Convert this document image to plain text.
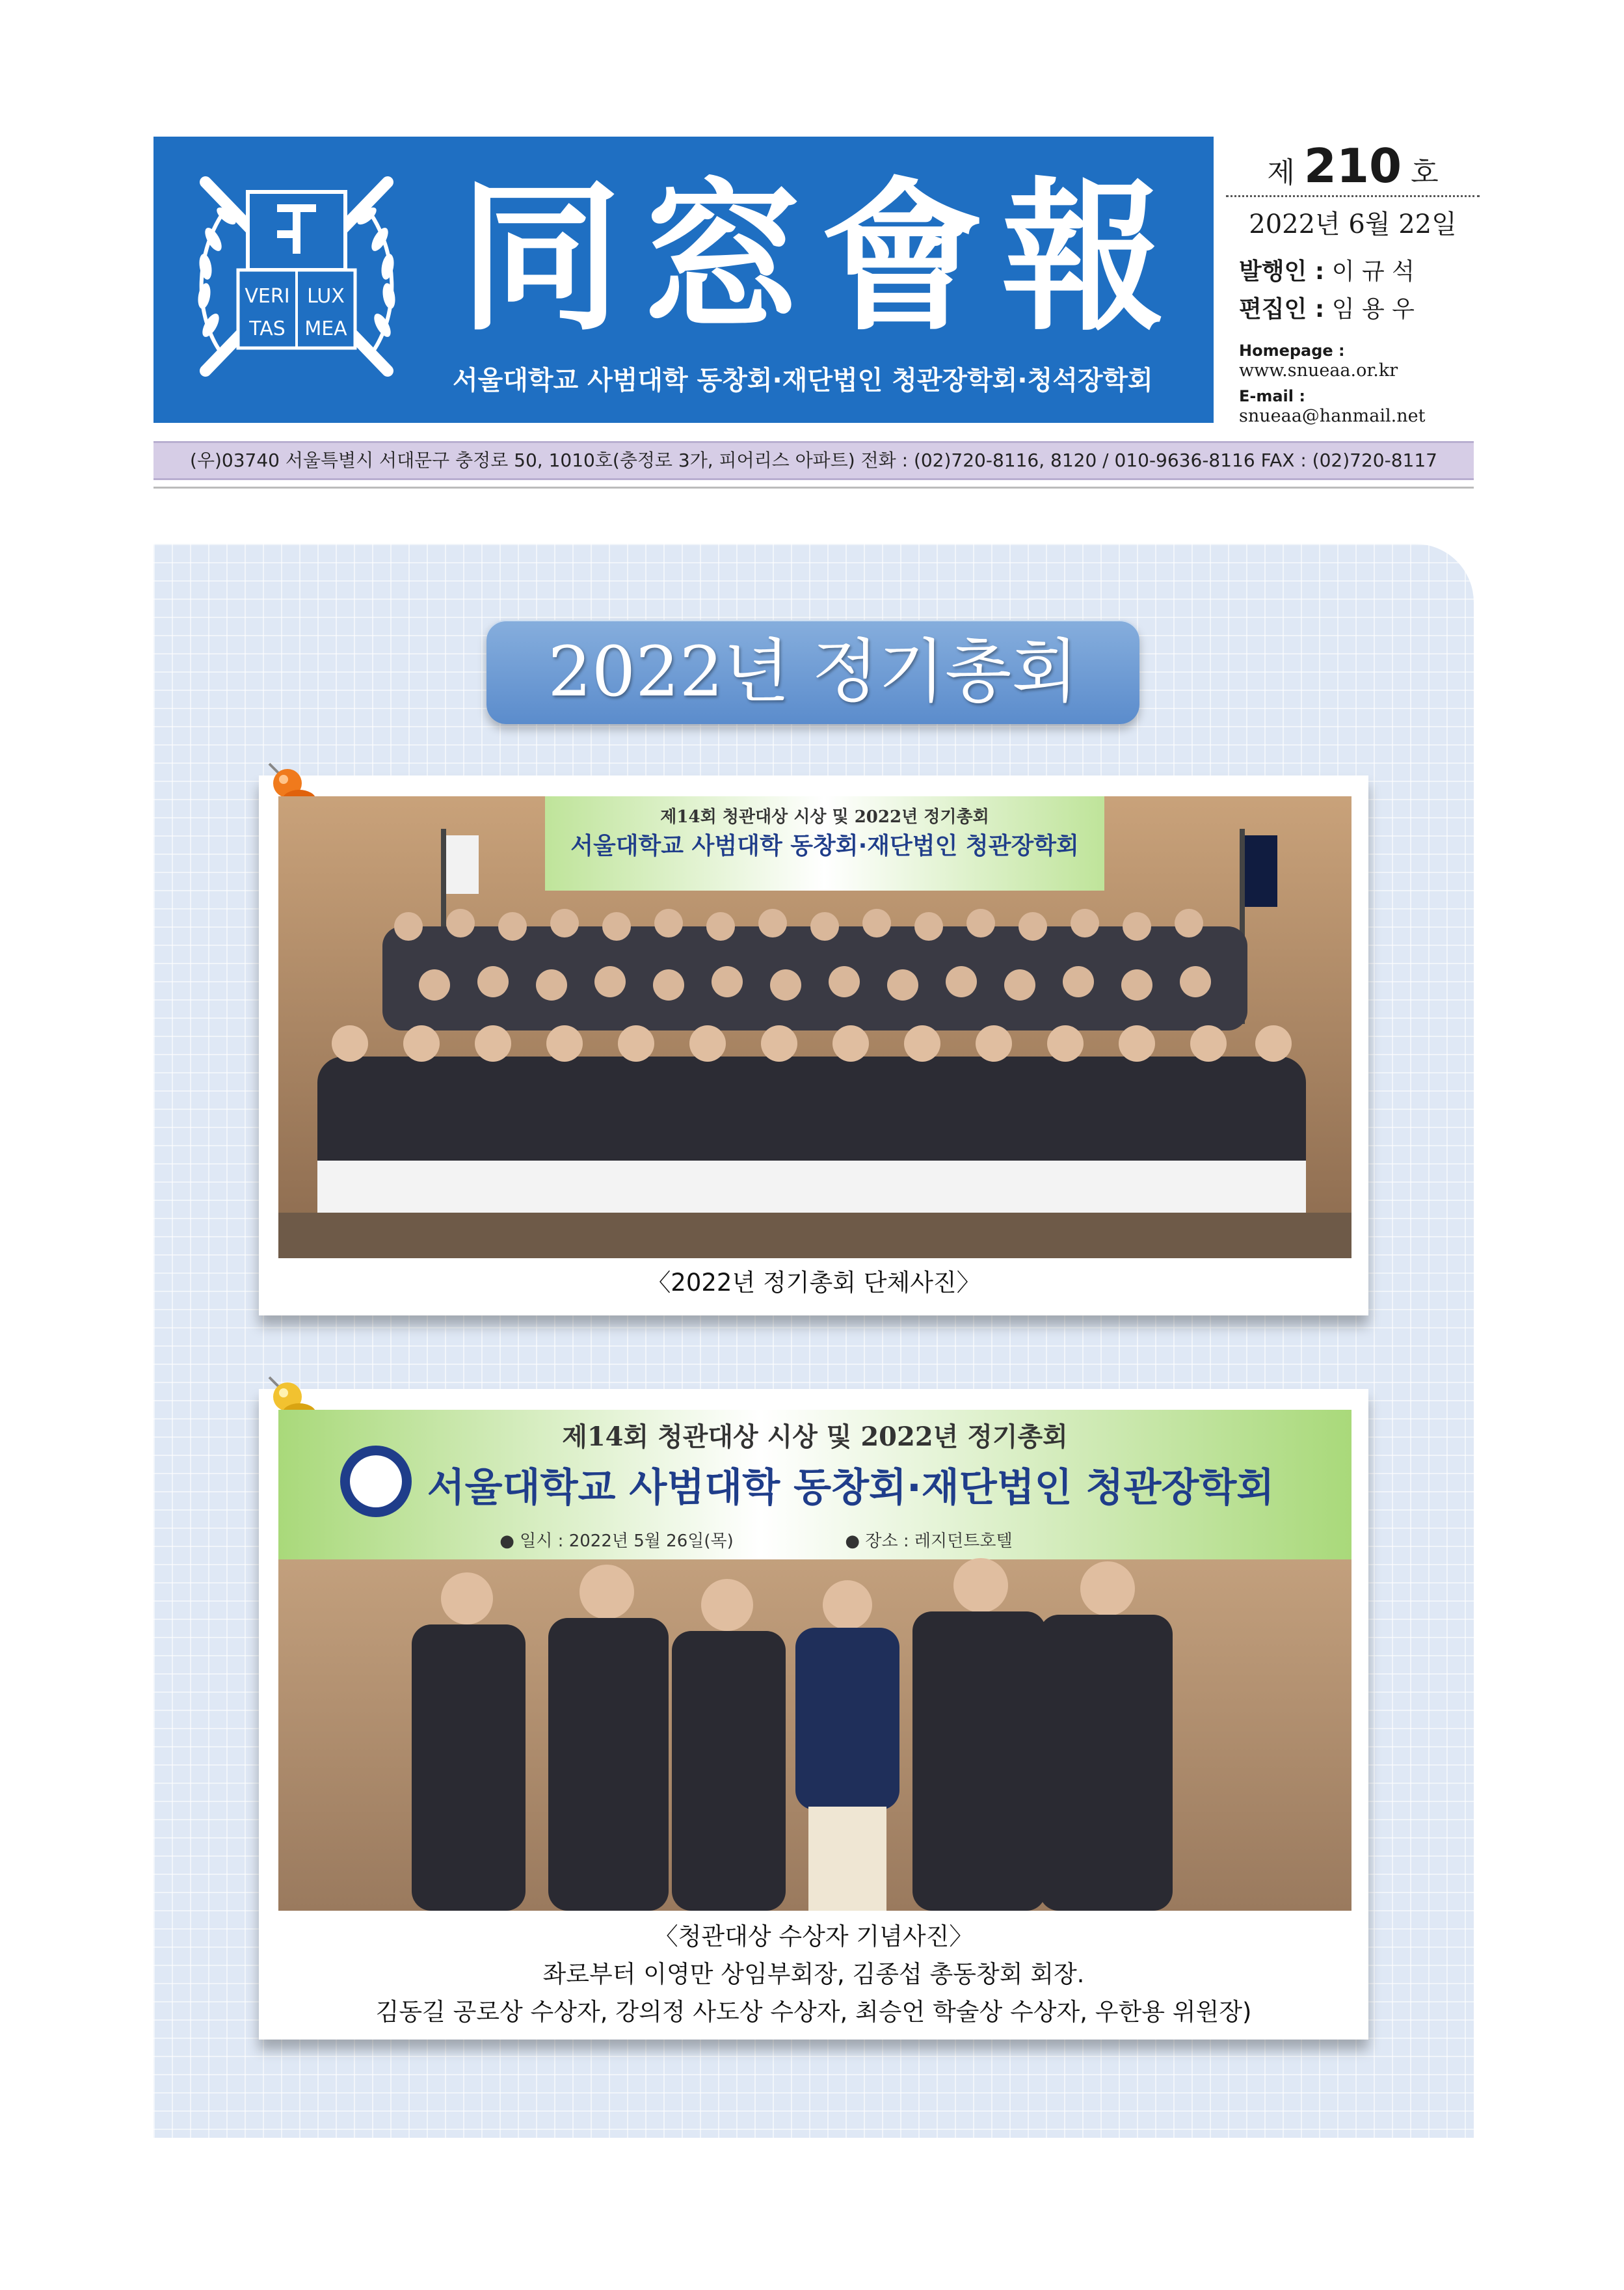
VERI LUX
TAS MEA 同窓會報
서울대학교 사범대학 동창회·재단법인 청관장학회·청석장학회
제 210 호
2022년 6월 22일
발행인 : 이 규 석
편집인 : 임 용 우
Homepage :
www.snueaa.or.kr
E-mail :
snueaa@hanmail.net
(우)03740 서울특별시 서대문구 충정로 50, 1010호(충정로 3가, 피어리스 아파트) 전화 : (02)720-8116, 8120 / 010-9636-8116 FAX : (02)720-8117
2022년 정기총회
제14회 청관대상 시상 및 2022년 정기총회
서울대학교 사범대학 동창회·재단법인 청관장학회
〈2022년 정기총회 단체사진〉
제14회 청관대상 시상 및 2022년 정기총회
서울대학교 사범대학 동창회·재단법인 청관장학회
● 일시 : 2022년 5월 26일(목)	● 장소 : 레지던트호텔
〈청관대상 수상자 기념사진〉
좌로부터 이영만 상임부회장, 김종섭 총동창회 회장.
김동길 공로상 수상자, 강의정 사도상 수상자, 최승언 학술상 수상자, 우한용 위원장)
